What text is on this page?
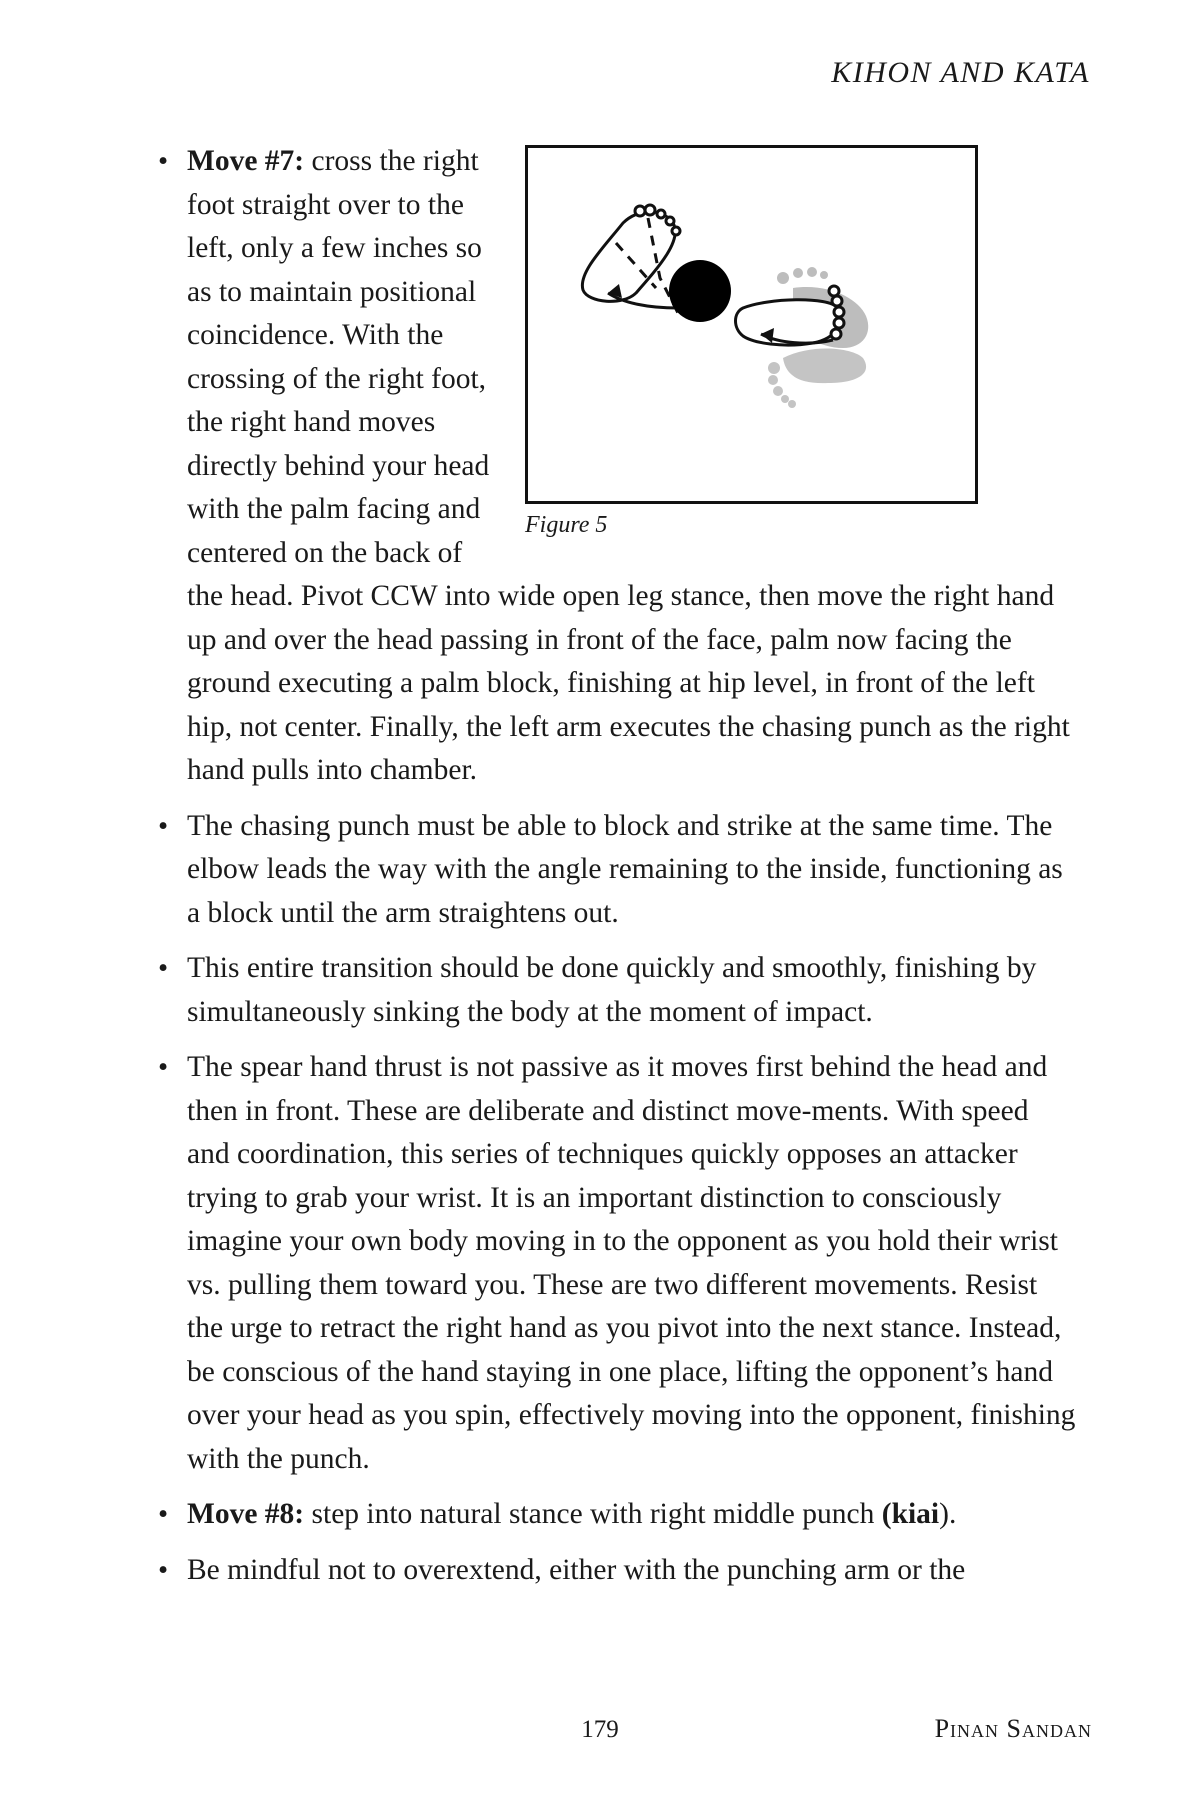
KIHON AND KATA
•
Figure 5
Move #7: cross the right foot straight over to the left, only a few inches so as to maintain positional coincidence. With the crossing of the right foot, the right hand moves directly behind your head with the palm facing and centered on the back of the head. Pivot CCW into wide open leg stance, then move the right hand up and over the head passing in front of the face, palm now facing the ground executing a palm block, finishing at hip level, in front of the left hip, not center. Finally, the left arm executes the chasing punch as the right hand pulls into chamber.
• The chasing punch must be able to block and strike at the same time. The elbow leads the way with the angle remaining to the inside, functioning as a block until the arm straightens out.
• This entire transition should be done quickly and smoothly, finishing by simultaneously sinking the body at the moment of impact.
• The spear hand thrust is not passive as it moves first behind the head and then in front. These are deliberate and distinct move-ments. With speed and coordination, this series of techniques quickly opposes an attacker trying to grab your wrist. It is an important distinction to consciously imagine your own body moving in to the opponent as you hold their wrist vs. pulling them toward you. These are two different movements. Resist the urge to retract the right hand as you pivot into the next stance. Instead, be conscious of the hand staying in one place, lifting the opponent’s hand over your head as you spin, effectively moving into the opponent, finishing with the punch.
• Move #8: step into natural stance with right middle punch (kiai).
• Be mindful not to overextend, either with the punching arm or the
179	Pinan Sandan
